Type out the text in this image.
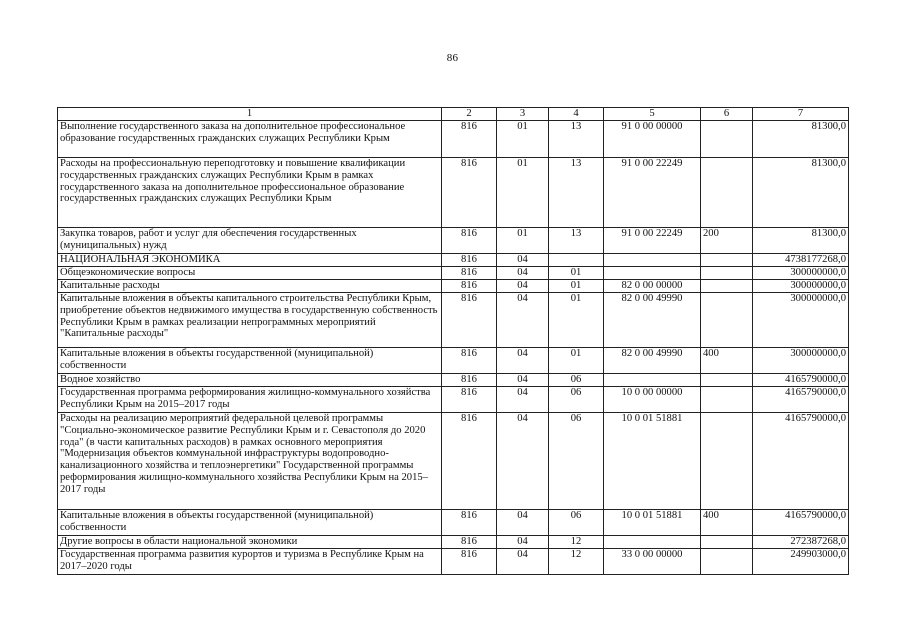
86
1	2	3	4	5	6	7
Выполнение государственного заказа на дополнительное профессиональное образование государственных гражданских служащих Республики Крым	816	01	13	91 0 00 00000		81300,0
Расходы на профессиональную переподготовку и повышение квалификации государственных гражданских служащих Республики Крым в рамках государственного заказа на дополнительное профессиональное образование государственных гражданских служащих Республики Крым	816	01	13	91 0 00 22249		81300,0
Закупка товаров, работ и услуг для обеспечения государственных (муниципальных) нужд	816	01	13	91 0 00 22249	200	81300,0
НАЦИОНАЛЬНАЯ ЭКОНОМИКА	816	04				4738177268,0
Общеэкономические вопросы	816	04	01			300000000,0
Капитальные расходы	816	04	01	82 0 00 00000		300000000,0
Капитальные вложения в объекты капитального строительства Республики Крым, приобретение объектов недвижимого имущества в государственную собственность Республики Крым в рамках реализации непрограммных мероприятий "Капитальные расходы"	816	04	01	82 0 00 49990		300000000,0
Капитальные вложения в объекты государственной (муниципальной) собственности	816	04	01	82 0 00 49990	400	300000000,0
Водное хозяйство	816	04	06			4165790000,0
Государственная программа реформирования жилищно-коммунального хозяйства Республики Крым на 2015–2017 годы	816	04	06	10 0 00 00000		4165790000,0
Расходы на реализацию мероприятий федеральной целевой программы "Социально-экономическое развитие Республики Крым и г. Севастополя до 2020 года" (в части капитальных расходов) в рамках основного мероприятия "Модернизация объектов коммунальной инфраструктуры водопроводно-канализационного хозяйства и теплоэнергетики" Государственной программы реформирования жилищно-коммунального хозяйства Республики Крым на 2015–2017 годы	816	04	06	10 0 01 51881		4165790000,0
Капитальные вложения в объекты государственной (муниципальной) собственности	816	04	06	10 0 01 51881	400	4165790000,0
Другие вопросы в области национальной экономики	816	04	12			272387268,0
Государственная программа развития курортов и туризма в Республике Крым на 2017–2020 годы	816	04	12	33 0 00 00000		249903000,0
